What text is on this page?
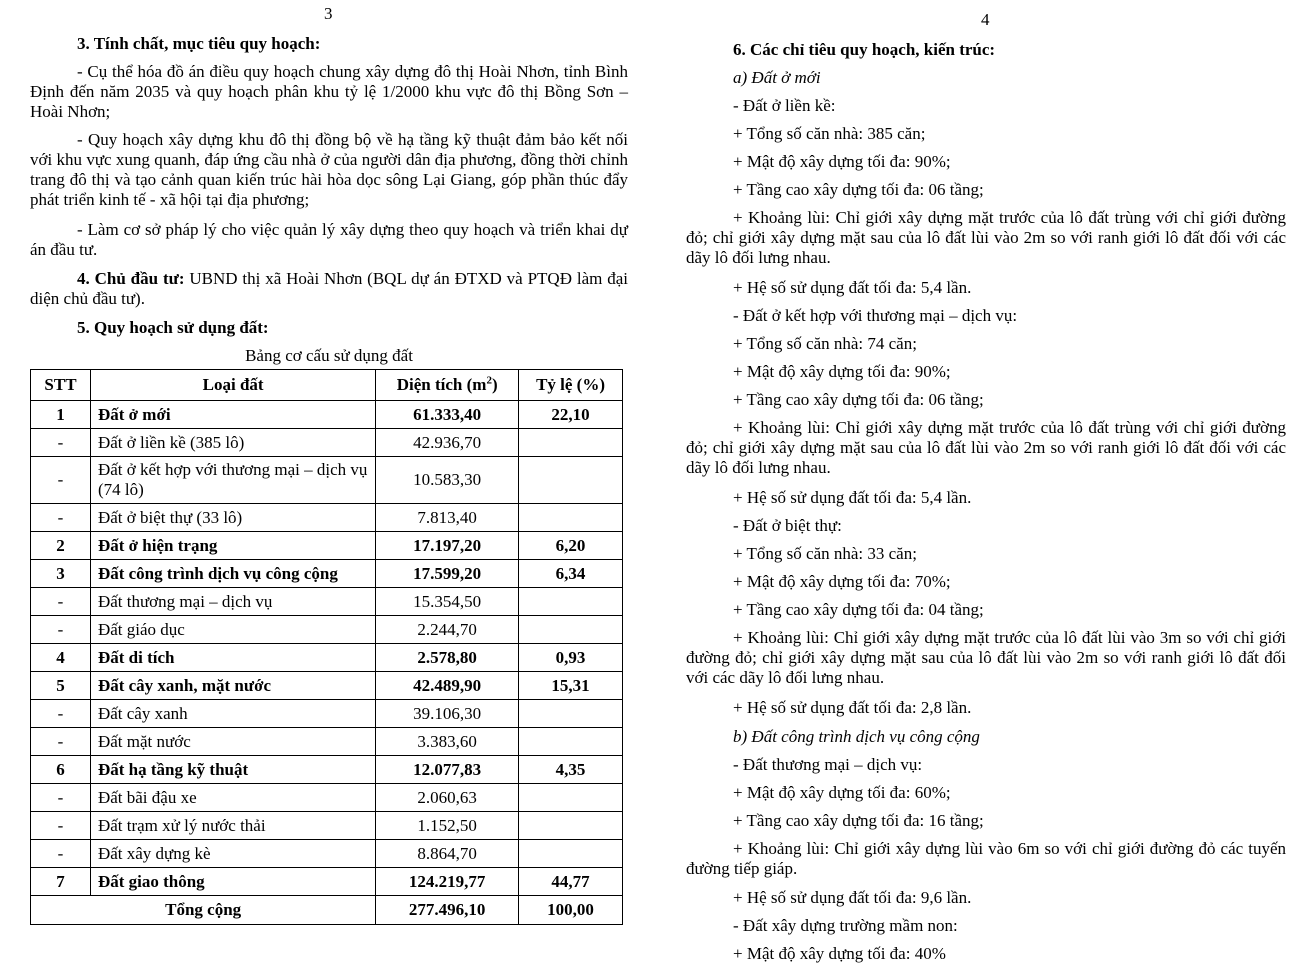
3
3. Tính chất, mục tiêu quy hoạch:
- Cụ thể hóa đồ án điều quy hoạch chung xây dựng đô thị Hoài Nhơn, tỉnh Bình Định đến năm 2035 và quy hoạch phân khu tỷ lệ 1/2000 khu vực đô thị Bồng Sơn – Hoài Nhơn;
- Quy hoạch xây dựng khu đô thị đồng bộ về hạ tầng kỹ thuật đảm bảo kết nối với khu vực xung quanh, đáp ứng cầu nhà ở của người dân địa phương, đồng thời chỉnh trang đô thị và tạo cảnh quan kiến trúc hài hòa dọc sông Lại Giang, góp phần thúc đẩy phát triển kinh tế - xã hội tại địa phương;
- Làm cơ sở pháp lý cho việc quản lý xây dựng theo quy hoạch và triển khai dự án đầu tư.
4. Chủ đầu tư: UBND thị xã Hoài Nhơn (BQL dự án ĐTXD và PTQĐ làm đại diện chủ đầu tư).
5. Quy hoạch sử dụng đất:
Bảng cơ cấu sử dụng đất
STT	Loại đất	Diện tích $(m^2)$	Tỷ lệ (%)
1	Đất ở mới	61.333,40	22,10
-	Đất ở liền kề (385 lô)	42.936,70	
-	Đất ở kết hợp với thương mại – dịch vụ (74 lô)	10.583,30	
-	Đất ở biệt thự (33 lô)	7.813,40	
2	Đất ở hiện trạng	17.197,20	6,20
3	Đất công trình dịch vụ công cộng	17.599,20	6,34
-	Đất thương mại – dịch vụ	15.354,50	
-	Đất giáo dục	2.244,70	
4	Đất di tích	2.578,80	0,93
5	Đất cây xanh, mặt nước	42.489,90	15,31
-	Đất cây xanh	39.106,30	
-	Đất mặt nước	3.383,60	
6	Đất hạ tầng kỹ thuật	12.077,83	4,35
-	Đất bãi đậu xe	2.060,63	
-	Đất trạm xử lý nước thải	1.152,50	
-	Đất xây dựng kè	8.864,70	
7	Đất giao thông	124.219,77	44,77
Tổng cộng		277.496,10	100,00
4
6. Các chỉ tiêu quy hoạch, kiến trúc:
a) Đất ở mới
- Đất ở liền kề:
+ Tổng số căn nhà: 385 căn;
+ Mật độ xây dựng tối đa: 90%;
+ Tầng cao xây dựng tối đa: 06 tầng;
+ Khoảng lùi: Chỉ giới xây dựng mặt trước của lô đất trùng với chỉ giới đường đỏ; chỉ giới xây dựng mặt sau của lô đất lùi vào 2m so với ranh giới lô đất đối với các dãy lô đối lưng nhau.
+ Hệ số sử dụng đất tối đa: 5,4 lần.
- Đất ở kết hợp với thương mại – dịch vụ:
+ Tổng số căn nhà: 74 căn;
+ Mật độ xây dựng tối đa: 90%;
+ Tầng cao xây dựng tối đa: 06 tầng;
+ Khoảng lùi: Chỉ giới xây dựng mặt trước của lô đất trùng với chỉ giới đường đỏ; chỉ giới xây dựng mặt sau của lô đất lùi vào 2m so với ranh giới lô đất đối với các dãy lô đối lưng nhau.
+ Hệ số sử dụng đất tối đa: 5,4 lần.
- Đất ở biệt thự:
+ Tổng số căn nhà: 33 căn;
+ Mật độ xây dựng tối đa: 70%;
+ Tầng cao xây dựng tối đa: 04 tầng;
+ Khoảng lùi: Chỉ giới xây dựng mặt trước của lô đất lùi vào 3m so với chỉ giới đường đỏ; chỉ giới xây dựng mặt sau của lô đất lùi vào 2m so với ranh giới lô đất đối với các dãy lô đối lưng nhau.
+ Hệ số sử dụng đất tối đa: 2,8 lần.
b) Đất công trình dịch vụ công cộng
- Đất thương mại – dịch vụ:
+ Mật độ xây dựng tối đa: 60%;
+ Tầng cao xây dựng tối đa: 16 tầng;
+ Khoảng lùi: Chỉ giới xây dựng lùi vào 6m so với chỉ giới đường đỏ các tuyến đường tiếp giáp.
+ Hệ số sử dụng đất tối đa: 9,6 lần.
- Đất xây dựng trường mầm non:
+ Mật độ xây dựng tối đa: 40%
